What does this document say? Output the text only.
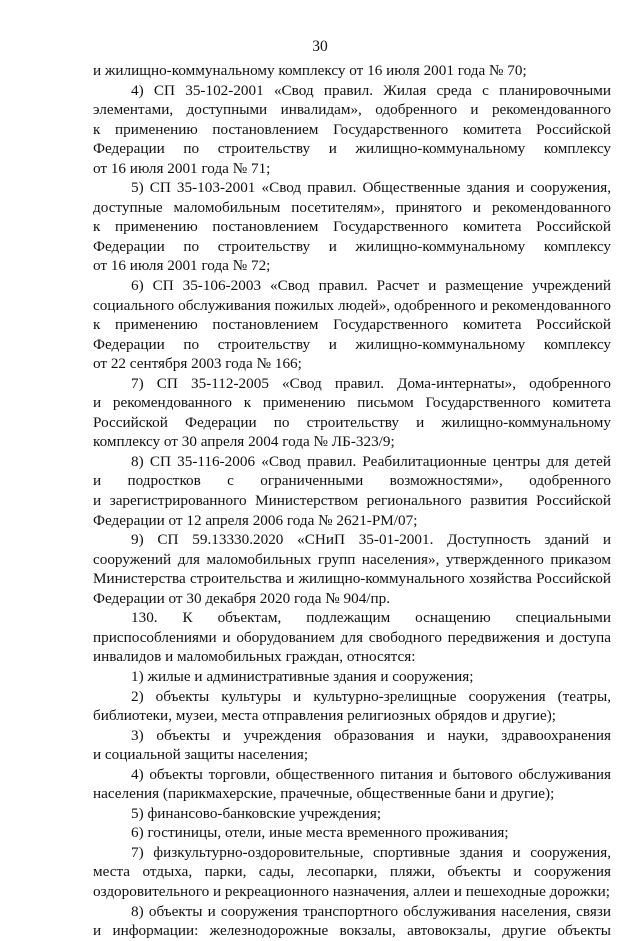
30
и жилищно-коммунальному комплексу от 16 июля 2001 года № 70;
4) СП 35-102-2001 «Свод правил. Жилая среда с планировочными
элементами, доступными инвалидам», одобренного и рекомендованного
к применению постановлением Государственного комитета Российской
Федерации по строительству и жилищно-коммунальному комплексу
от 16 июля 2001 года № 71;
5) СП 35-103-2001 «Свод правил. Общественные здания и сооружения,
доступные маломобильным посетителям», принятого и рекомендованного
к применению постановлением Государственного комитета Российской
Федерации по строительству и жилищно-коммунальному комплексу
от 16 июля 2001 года № 72;
6) СП 35-106-2003 «Свод правил. Расчет и размещение учреждений
социального обслуживания пожилых людей», одобренного и рекомендованного
к применению постановлением Государственного комитета Российской
Федерации по строительству и жилищно-коммунальному комплексу
от 22 сентября 2003 года № 166;
7) СП 35-112-2005 «Свод правил. Дома-интернаты», одобренного
и рекомендованного к применению письмом Государственного комитета
Российской Федерации по строительству и жилищно-коммунальному
комплексу от 30 апреля 2004 года № ЛБ-323/9;
8) СП 35-116-2006 «Свод правил. Реабилитационные центры для детей
и подростков с ограниченными возможностями», одобренного
и зарегистрированного Министерством регионального развития Российской
Федерации от 12 апреля 2006 года № 2621-РМ/07;
9) СП 59.13330.2020 «СНиП 35-01-2001. Доступность зданий и
сооружений для маломобильных групп населения», утвержденного приказом
Министерства строительства и жилищно-коммунального хозяйства Российской
Федерации от 30 декабря 2020 года № 904/пр.
130. К объектам, подлежащим оснащению специальными
приспособлениями и оборудованием для свободного передвижения и доступа
инвалидов и маломобильных граждан, относятся:
1) жилые и административные здания и сооружения;
2) объекты культуры и культурно-зрелищные сооружения (театры,
библиотеки, музеи, места отправления религиозных обрядов и другие);
3) объекты и учреждения образования и науки, здравоохранения
и социальной защиты населения;
4) объекты торговли, общественного питания и бытового обслуживания
населения (парикмахерские, прачечные, общественные бани и другие);
5) финансово-банковские учреждения;
6) гостиницы, отели, иные места временного проживания;
7) физкультурно-оздоровительные, спортивные здания и сооружения,
места отдыха, парки, сады, лесопарки, пляжи, объекты и сооружения
оздоровительного и рекреационного назначения, аллеи и пешеходные дорожки;
8) объекты и сооружения транспортного обслуживания населения, связи
и информации: железнодорожные вокзалы, автовокзалы, другие объекты
